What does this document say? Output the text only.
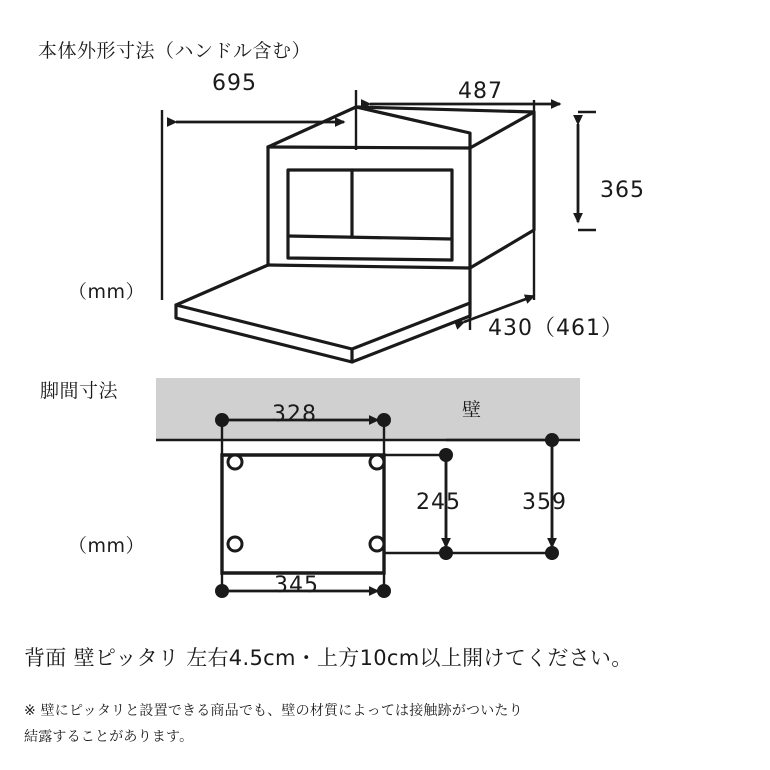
本体外形寸法（ハンドル含む）
695	487
365
430（461）
（mm）
脚間寸法
壁
328
345
245	359
（mm）
背面 壁ピッタリ 左右4.5cm・上方10cm以上開けてください。
※ 壁にピッタリと設置できる商品でも、壁の材質によっては接触跡がついたり
結露することがあります。
